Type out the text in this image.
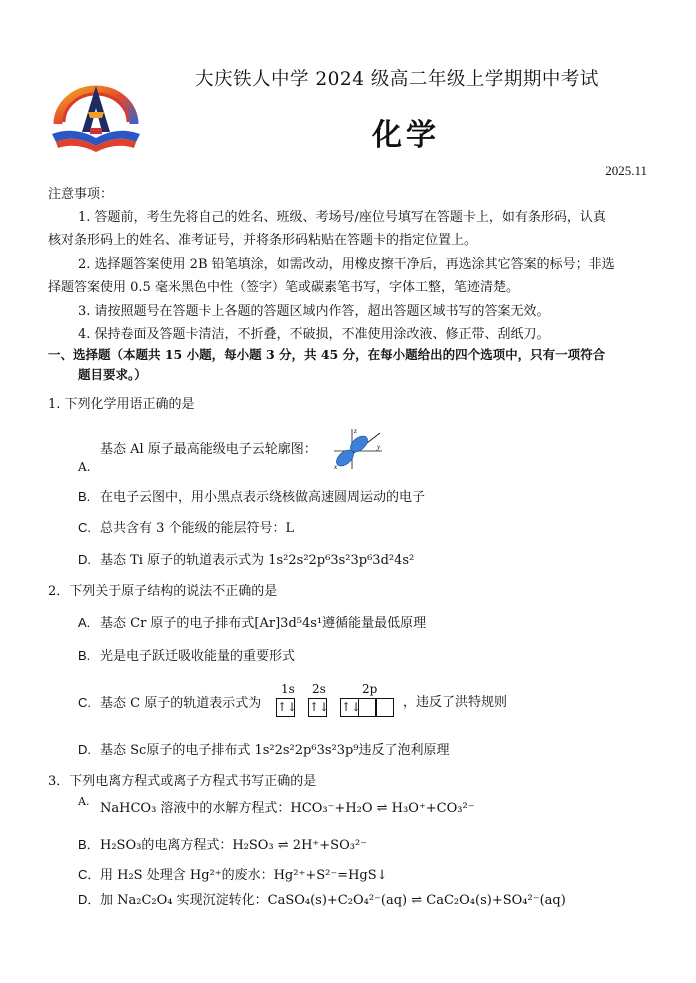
大庆铁人中学 2024 级高二年级上学期期中考试
化学
2025.11
注意事项：
1. 答题前，考生先将自己的姓名、班级、考场号/座位号填写在答题卡上，如有条形码，认真
核对条形码上的姓名、准考证号，并将条形码粘贴在答题卡的指定位置上。
2. 选择题答案使用 2B 铅笔填涂，如需改动，用橡皮擦干净后，再选涂其它答案的标号；非选
择题答案使用 0.5 毫米黑色中性（签字）笔或碳素笔书写，字体工整，笔迹清楚。
3. 请按照题号在答题卡上各题的答题区域内作答，超出答题区域书写的答案无效。
4. 保持卷面及答题卡清洁，不折叠，不破损，不准使用涂改液、修正带、刮纸刀。
一、选择题（本题共 15 小题，每小题 3 分，共 45 分，在每小题给出的四个选项中，只有一项符合
题目要求。）
1. 下列化学用语正确的是
基态 Al 原子最高能级电子云轮廓图：
A.
z
x
y
B. 在电子云图中，用小黑点表示绕核做高速圆周运动的电子
C. 总共含有 3 个能级的能层符号：L
D. 基态 Ti 原子的轨道表示式为 1s²2s²2p⁶3s²3p⁶3d²4s²
2．下列关于原子结构的说法不正确的是
A. 基态 Cr 原子的电子排布式[Ar]3d⁵4s¹遵循能量最低原理
B. 光是电子跃迁吸收能量的重要形式
C. 基态 C 原子的轨道表示式为
1s 2s	2p
↑↓ ↑↓ ↑↓	，违反了洪特规则
D. 基态 Sc原子的电子排布式 1s²2s²2p⁶3s²3p⁹违反了泡利原理
3．下列电离方程式或离子方程式书写正确的是
A. NaHCO₃ 溶液中的水解方程式：HCO₃⁻+H₂O ⇌ H₃O⁺+CO₃²⁻
B．H₂SO₃的电离方程式：H₂SO₃ ⇌ 2H⁺+SO₃²⁻
C．用 H₂S 处理含 Hg²⁺的废水：Hg²⁺+S²⁻=HgS↓
D．加 Na₂C₂O₄ 实现沉淀转化：CaSO₄(s)+C₂O₄²⁻(aq) ⇌ CaC₂O₄(s)+SO₄²⁻(aq)
